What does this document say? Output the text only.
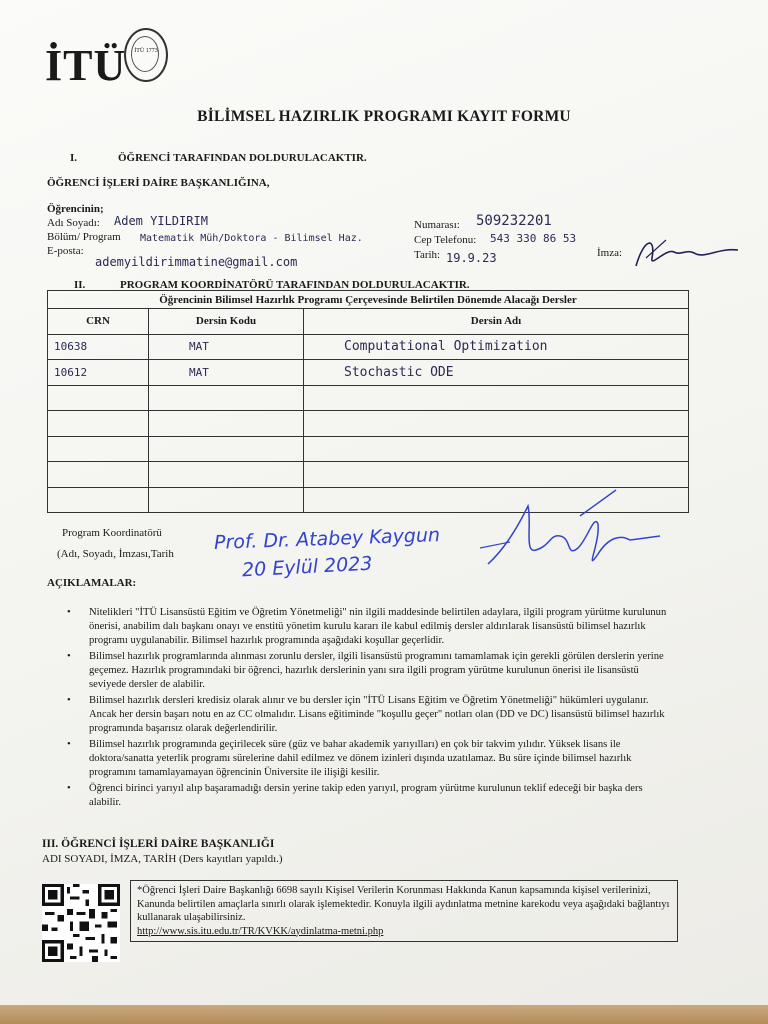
İTÜ	İTÜ 1773
BİLİMSEL HAZIRLIK PROGRAMI KAYIT FORMU
I.	ÖĞRENCİ TARAFINDAN DOLDURULACAKTIR.
ÖĞRENCİ İŞLERİ DAİRE BAŞKANLIĞINA,
Öğrencinin;
Adı Soyadı: Adem YILDIRIM
Bölüm/ Program Matematik Müh/Doktora - Bilimsel Haz.
E-posta:
ademyildirimmatine@gmail.com
Numarası: 509232201
Cep Telefonu: 543 330 86 53
Tarih: 19.9.23	İmza:
II.	PROGRAM KOORDİNATÖRÜ TARAFINDAN DOLDURULACAKTIR.
Öğrencinin Bilimsel Hazırlık Programı Çerçevesinde Belirtilen Dönemde Alacağı Dersler		
CRN	Dersin Kodu	Dersin Adı
10638	MAT	Computational Optimization
10612	MAT	Stochastic ODE

Program Koordinatörü
(Adı, Soyadı, İmzası,Tarih
Prof. Dr. Atabey Kaygun
20 Eylül 2023
AÇIKLAMALAR:
• Nitelikleri "İTÜ Lisansüstü Eğitim ve Öğretim Yönetmeliği" nin ilgili maddesinde belirtilen adaylara, ilgili program yürütme kurulunun önerisi, anabilim dalı başkanı onayı ve enstitü yönetim kurulu kararı ile kabul edilmiş dersler aldırılarak lisansüstü bilimsel hazırlık programı uygulanabilir. Bilimsel hazırlık programında aşağıdaki koşullar geçerlidir.

• Bilimsel hazırlık programlarında alınması zorunlu dersler, ilgili lisansüstü programını tamamlamak için gerekli görülen derslerin yerine geçemez. Hazırlık programındaki bir öğrenci, hazırlık derslerinin yanı sıra ilgili program yürütme kurulunun önerisi ile lisansüstü seviyede dersler de alabilir.

• Bilimsel hazırlık dersleri kredisiz olarak alınır ve bu dersler için "İTÜ Lisans Eğitim ve Öğretim Yönetmeliği" hükümleri uygulanır. Ancak her dersin başarı notu en az CC olmalıdır. Lisans eğitiminde "koşullu geçer" notları olan (DD ve DC) lisansüstü bilimsel hazırlık programında başarısız olarak değerlendirilir.

• Bilimsel hazırlık programında geçirilecek süre (güz ve bahar akademik yarıyılları) en çok bir takvim yılıdır. Yüksek lisans ile doktora/sanatta yeterlik programı sürelerine dahil edilmez ve dönem izinleri dışında uzatılamaz. Bu süre içinde bilimsel hazırlık programını tamamlayamayan öğrencinin Üniversite ile ilişiği kesilir.

• Öğrenci birinci yarıyıl alıp başaramadığı dersin yerine takip eden yarıyıl, program yürütme kurulunun teklif edeceği bir başka ders alabilir.

III. ÖĞRENCİ İŞLERİ DAİRE BAŞKANLIĞI
ADI SOYADI, İMZA, TARİH (Ders kayıtları yapıldı.)
*Öğrenci İşleri Daire Başkanlığı 6698 sayılı Kişisel Verilerin Korunması Hakkında Kanun kapsamında kişisel verilerinizi, Kanunda belirtilen amaçlarla sınırlı olarak işlemektedir. Konuyla ilgili aydınlatma metnine karekodu veya aşağıdaki bağlantıyı kullanarak ulaşabilirsiniz.
http://www.sis.itu.edu.tr/TR/KVKK/aydinlatma-metni.php
